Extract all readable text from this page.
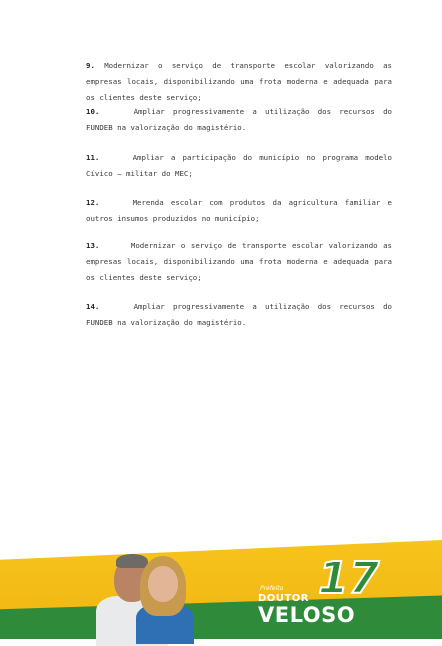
9. Modernizar o serviço de transporte escolar valorizando as empresas locais, disponibilizando uma frota moderna e adequada para os clientes deste serviço;
10.	Ampliar progressivamente a utilização dos recursos do FUNDEB na valorização do magistério.
11.	Ampliar a participação do município no programa modelo Cívico – militar do MEC;
12.	Merenda escolar com produtos da agricultura familiar e outros insumos produzidos no município;
13.	Modernizar o serviço de transporte escolar valorizando as empresas locais, disponibilizando uma frota moderna e adequada para os clientes deste serviço;
14.	Ampliar progressivamente a utilização dos recursos do FUNDEB na valorização do magistério.
17
Prefeito
DOUTOR
VELOSO
